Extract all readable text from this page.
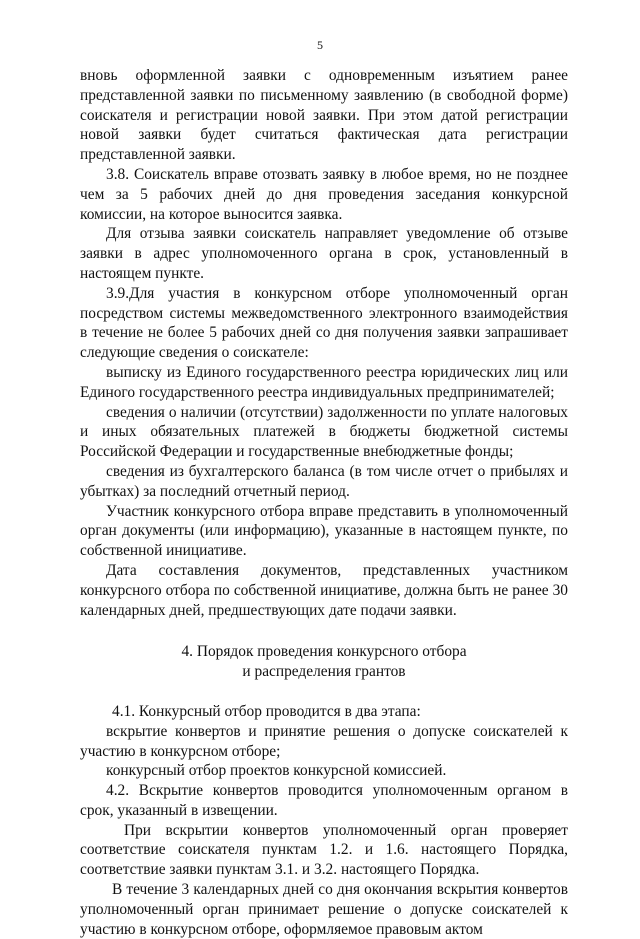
5

вновь оформленной заявки с одновременным изъятием ранее представленной заявки по письменному заявлению (в свободной форме) соискателя и регистрации новой заявки. При этом датой регистрации новой заявки будет считаться фактическая дата регистрации представленной заявки.

3.8. Соискатель вправе отозвать заявку в любое время, но не позднее чем за 5 рабочих дней до дня проведения заседания конкурсной комиссии, на которое выносится заявка.

Для отзыва заявки соискатель направляет уведомление об отзыве заявки в адрес уполномоченного органа в срок, установленный в настоящем пункте.

3.9.Для участия в конкурсном отборе уполномоченный орган посредством системы межведомственного электронного взаимодействия в течение не более 5 рабочих дней со дня получения заявки запрашивает следующие сведения о соискателе:

выписку из Единого государственного реестра юридических лиц или Единого государственного реестра индивидуальных предпринимателей;

сведения о наличии (отсутствии) задолженности по уплате налоговых и иных обязательных платежей в бюджеты бюджетной системы Российской Федерации и государственные внебюджетные фонды;

сведения из бухгалтерского баланса (в том числе отчет о прибылях и убытках) за последний отчетный период.

Участник конкурсного отбора вправе представить в уполномоченный орган документы (или информацию), указанные в настоящем пункте, по собственной инициативе.

Дата составления документов, представленных участником конкурсного отбора по собственной инициативе, должна быть не ранее 30 календарных дней, предшествующих дате подачи заявки.

4. Порядок проведения конкурсного отбора
и распределения грантов

4.1. Конкурсный отбор проводится в два этапа:

вскрытие конвертов и принятие решения о допуске соискателей к участию в конкурсном отборе;

конкурсный отбор проектов конкурсной комиссией.

4.2. Вскрытие конвертов проводится уполномоченным органом в срок, указанный в извещении.

При вскрытии конвертов уполномоченный орган проверяет соответствие соискателя пунктам 1.2. и 1.6. настоящего Порядка, соответствие заявки пунктам 3.1. и 3.2. настоящего Порядка.

В течение 3 календарных дней со дня окончания вскрытия конвертов уполномоченный орган принимает решение о допуске соискателей к участию в конкурсном отборе, оформляемое правовым актом
